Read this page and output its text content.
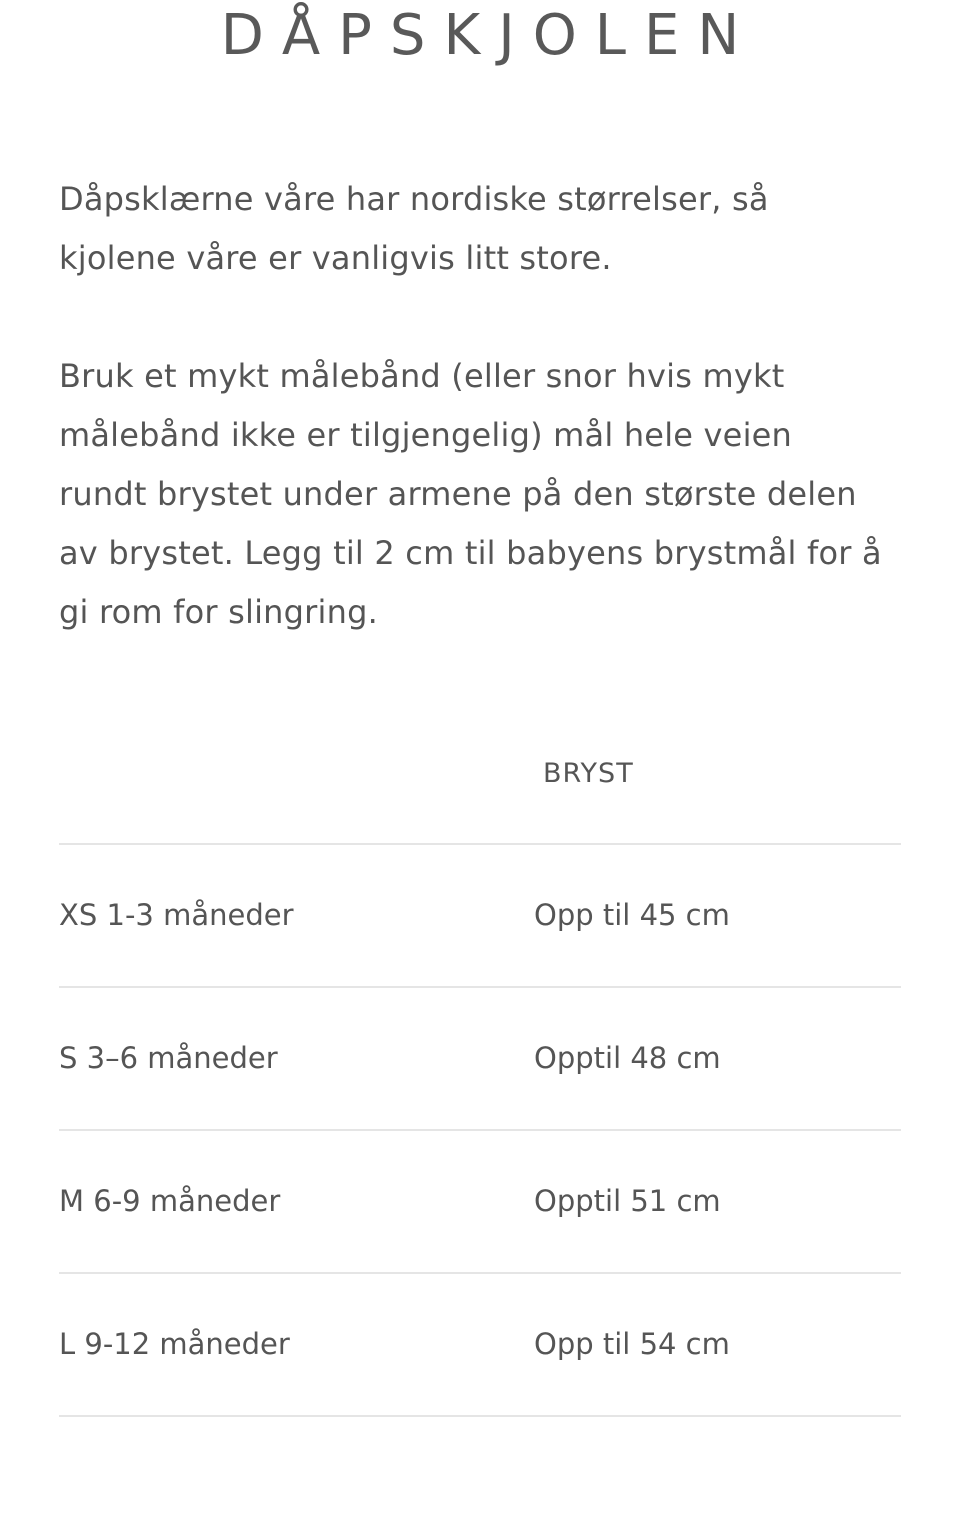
DÅPSKJOLEN

Dåpsklærne våre har nordiske størrelser, så kjolene våre er vanligvis litt store.

Bruk et mykt målebånd (eller snor hvis mykt målebånd ikke er tilgjengelig) mål hele veien rundt brystet under armene på den største delen av brystet. Legg til 2 cm til babyens brystmål for å gi rom for slingring.

BRYST
XS 1-3 måneder	Opp til 45 cm
S 3–6 måneder	Opptil 48 cm
M 6-9 måneder	Opptil 51 cm
L 9-12 måneder	Opp til 54 cm
